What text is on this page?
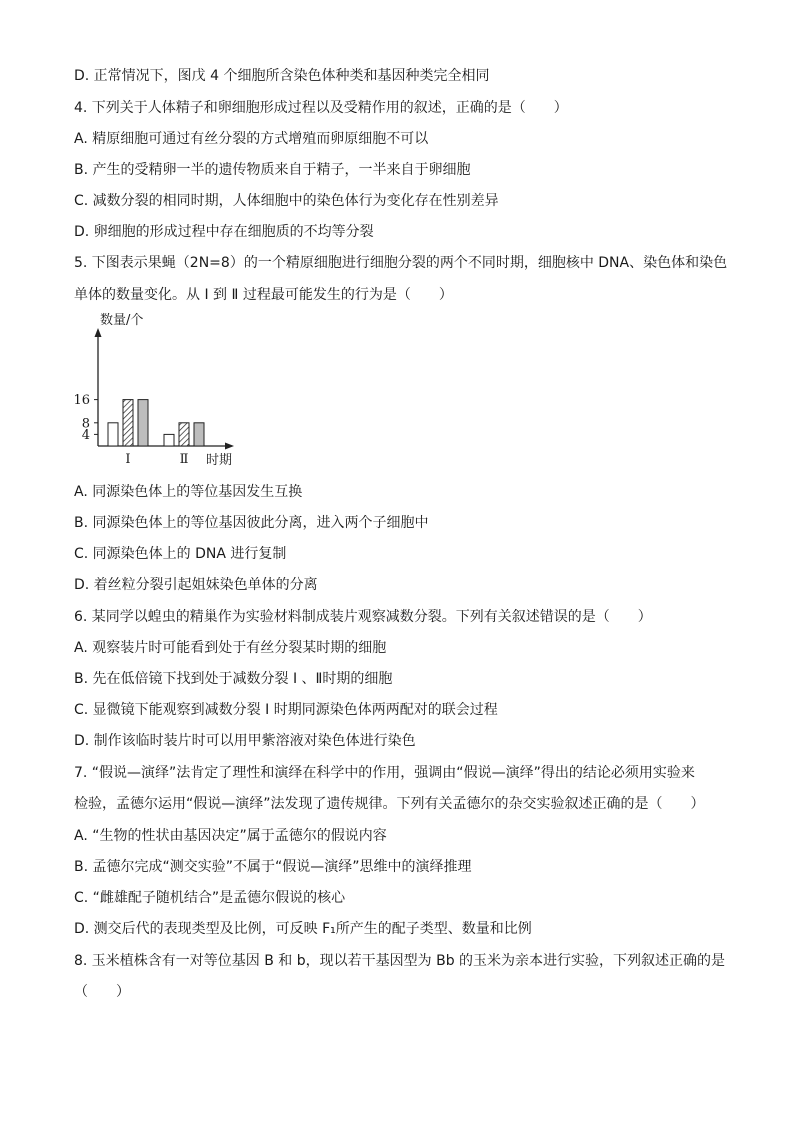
D. 正常情况下，图戊 4 个细胞所含染色体种类和基因种类完全相同
4. 下列关于人体精子和卵细胞形成过程以及受精作用的叙述，正确的是（　　）
A. 精原细胞可通过有丝分裂的方式增殖而卵原细胞不可以
B. 产生的受精卵一半的遗传物质来自于精子，一半来自于卵细胞
C. 减数分裂的相同时期，人体细胞中的染色体行为变化存在性别差异
D. 卵细胞的形成过程中存在细胞质的不均等分裂
5. 下图表示果蝇（2N=8）的一个精原细胞进行细胞分裂的两个不同时期，细胞核中 DNA、染色体和染色
单体的数量变化。从 Ⅰ 到 Ⅱ 过程最可能发生的行为是（　　）
4
8
16
数量/个
Ⅰ	Ⅱ 时期
A. 同源染色体上的等位基因发生互换
B. 同源染色体上的等位基因彼此分离，进入两个子细胞中
C. 同源染色体上的 DNA 进行复制
D. 着丝粒分裂引起姐妹染色单体的分离
6. 某同学以蝗虫的精巢作为实验材料制成装片观察减数分裂。下列有关叙述错误的是（　　）
A. 观察装片时可能看到处于有丝分裂某时期的细胞
B. 先在低倍镜下找到处于减数分裂 Ⅰ 、Ⅱ时期的细胞
C. 显微镜下能观察到减数分裂 Ⅰ 时期同源染色体两两配对的联会过程
D. 制作该临时装片时可以用甲紫溶液对染色体进行染色
7. “假说—演绎”法肯定了理性和演绎在科学中的作用，强调由“假说—演绎”得出的结论必须用实验来
检验，孟德尔运用“假说—演绎”法发现了遗传规律。下列有关孟德尔的杂交实验叙述正确的是（　　）
A. “生物的性状由基因决定”属于孟德尔的假说内容
B. 孟德尔完成“测交实验”不属于“假说—演绎”思维中的演绎推理
C. “雌雄配子随机结合”是孟德尔假说的核心
D. 测交后代的表现类型及比例，可反映 F₁所产生的配子类型、数量和比例
8. 玉米植株含有一对等位基因 B 和 b，现以若干基因型为 Bb 的玉米为亲本进行实验，下列叙述正确的是
（　　）
